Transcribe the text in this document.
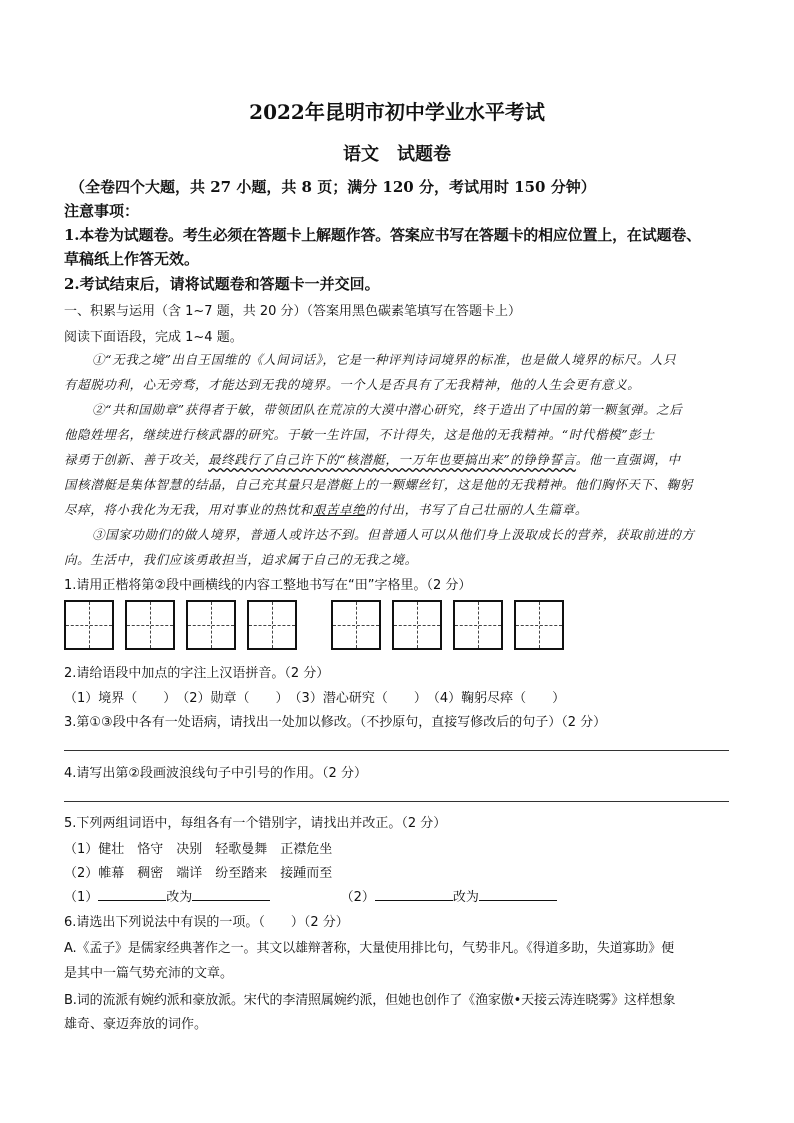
2022年昆明市初中学业水平考试
语文　试题卷
（全卷四个大题，共 27 小题，共 8 页；满分 120 分，考试用时 150 分钟）
注意事项：
1.本卷为试题卷。考生必须在答题卡上解题作答。答案应书写在答题卡的相应位置上，在试题卷、
草稿纸上作答无效。
2.考试结束后，请将试题卷和答题卡一并交回。
一、积累与运用（含 1~7 题，共 20 分）（答案用黑色碳素笔填写在答题卡上）
阅读下面语段，完成 1~4 题。
①“无我之境”出自王国维的《人间词话》，它是一种评判诗词境界的标准，也是做人境界的标尺。人只
有超脱功利，心无旁骛，才能达到无我的境界。一个人是否具有了无我精神，他的人生会更有意义。
②“共和国勋章”获得者于敏，带领团队在荒凉的大漠中潜心研究，终于造出了中国的第一颗氢弹。之后
他隐姓埋名，继续进行核武器的研究。于敏一生许国，不计得失，这是他的无我精神。“时代楷模”彭士
禄勇于创新、善于攻关，最终践行了自己许下的“核潜艇，一万年也要搞出来”的铮铮誓言。他一直强调，中
国核潜艇是集体智慧的结晶，自己充其量只是潜艇上的一颗螺丝钉，这是他的无我精神。他们胸怀天下、鞠躬
尽瘁，将小我化为无我，用对事业的热忱和艰苦卓绝的付出，书写了自己壮丽的人生篇章。
③国家功勋们的做人境界，普通人或许达不到。但普通人可以从他们身上汲取成长的营养，获取前进的方
向。生活中，我们应该勇敢担当，追求属于自己的无我之境。
1.请用正楷将第②段中画横线的内容工整地书写在“田”字格里。（2 分）
2.请给语段中加点的字注上汉语拼音。（2 分）
（1）境界（　　）　（2）勋章（　　）　（3）潜心研究（　　）　（4）鞠躬尽瘁（　　）
3.第①③段中各有一处语病，请找出一处加以修改。（不抄原句，直接写修改后的句子）（2 分）
4.请写出第②段画波浪线句子中引号的作用。（2 分）
5.下列两组词语中，每组各有一个错别字，请找出并改正。（2 分）
（1）健壮　恪守　决别　轻歌曼舞　正襟危坐
（2）帷幕　稠密　端详　纷至踏来　接踵而至
（1）	改为	（2）	改为
6.请选出下列说法中有误的一项。（　　）（2 分）
A.《孟子》是儒家经典著作之一。其文以雄辩著称，大量使用排比句，气势非凡。《得道多助，失道寡助》便
是其中一篇气势充沛的文章。
B.词的流派有婉约派和豪放派。宋代的李清照属婉约派，但她也创作了《渔家傲•天接云涛连晓雾》这样想象
雄奇、豪迈奔放的词作。
